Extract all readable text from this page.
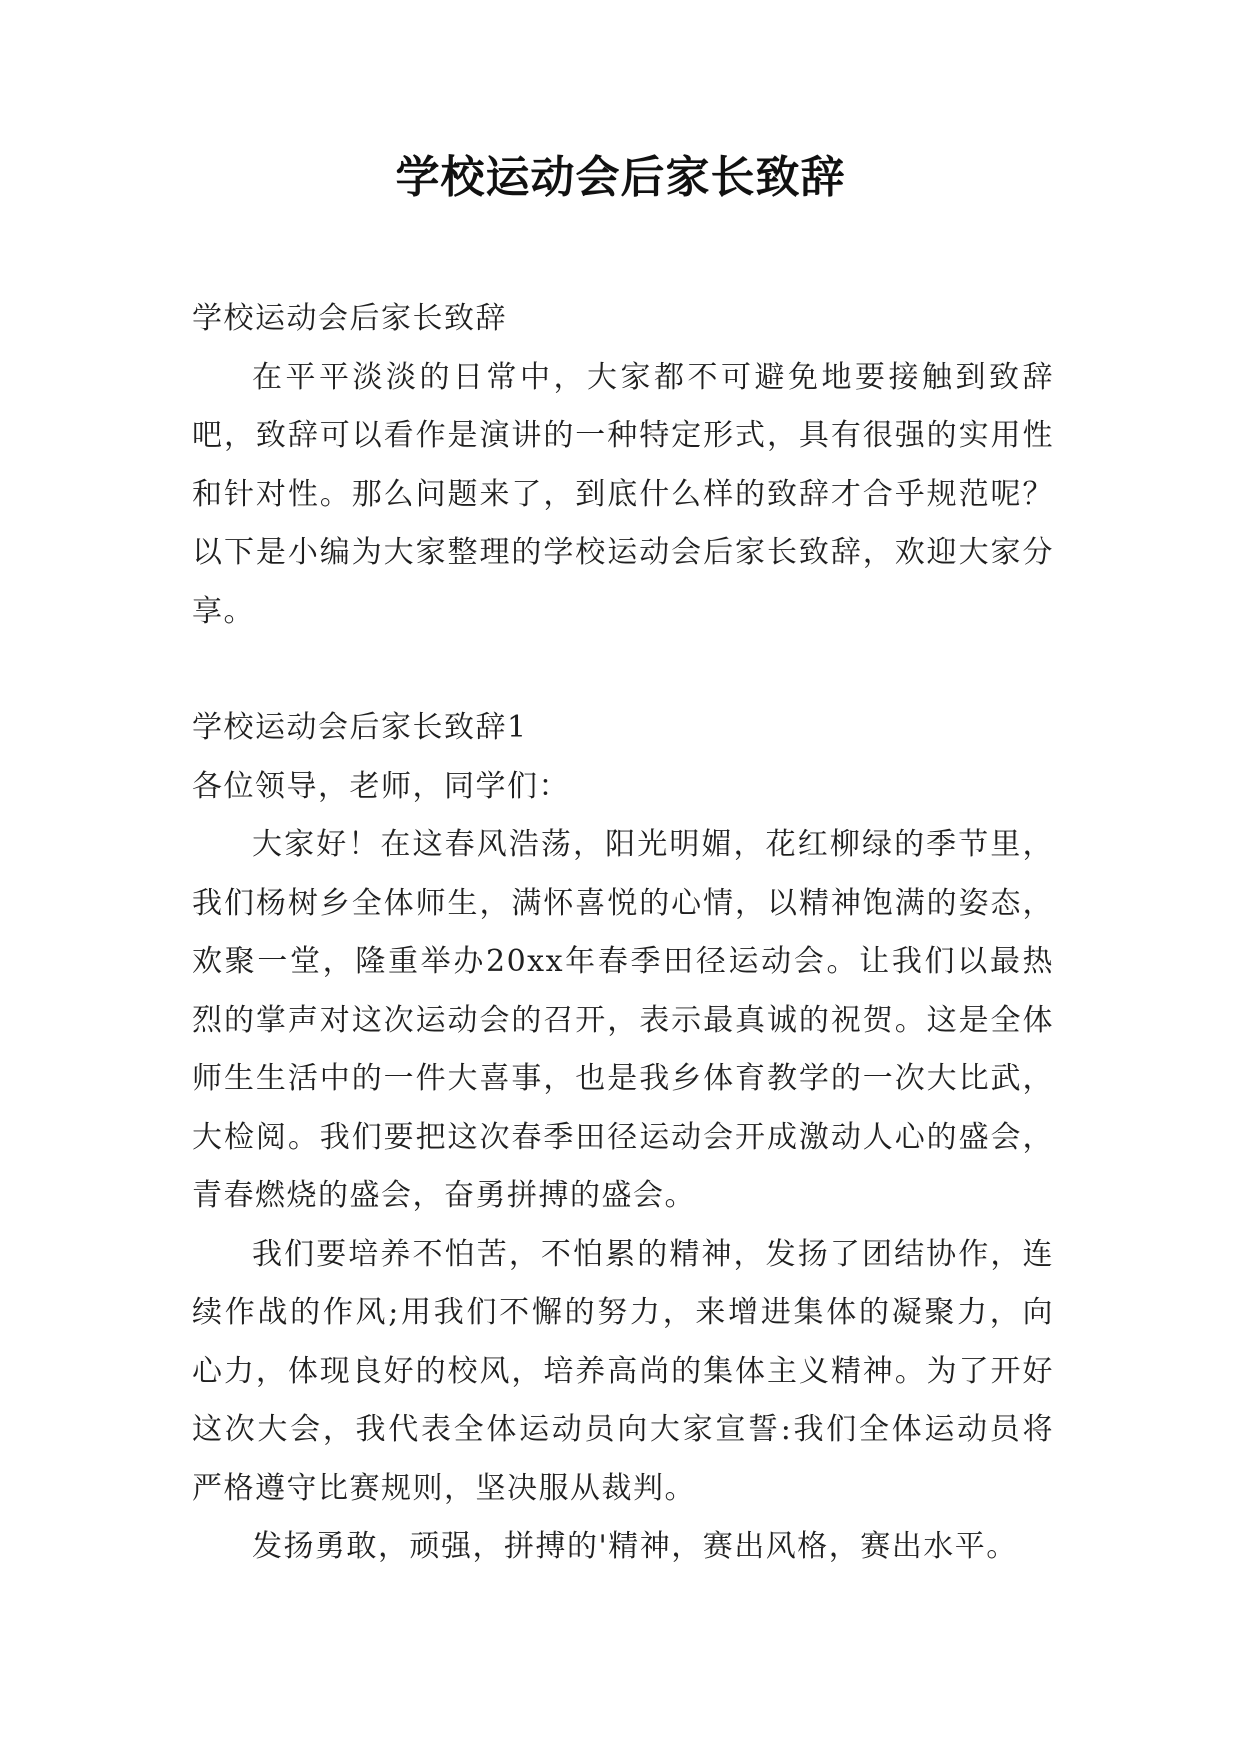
学校运动会后家长致辞

学校运动会后家长致辞

在平平淡淡的日常中，大家都不可避免地要接触到致辞吧，致辞可以看作是演讲的一种特定形式，具有很强的实用性和针对性。那么问题来了，到底什么样的致辞才合乎规范呢？以下是小编为大家整理的学校运动会后家长致辞，欢迎大家分享。

学校运动会后家长致辞1

各位领导，老师，同学们：

大家好！在这春风浩荡，阳光明媚，花红柳绿的季节里，我们杨树乡全体师生，满怀喜悦的心情，以精神饱满的姿态，欢聚一堂，隆重举办20xx年春季田径运动会。让我们以最热烈的掌声对这次运动会的召开，表示最真诚的祝贺。这是全体师生生活中的一件大喜事，也是我乡体育教学的一次大比武，大检阅。我们要把这次春季田径运动会开成激动人心的盛会，青春燃烧的盛会，奋勇拼搏的盛会。

我们要培养不怕苦，不怕累的精神，发扬了团结协作，连续作战的作风;用我们不懈的努力，来增进集体的凝聚力，向心力，体现良好的校风，培养高尚的集体主义精神。为了开好这次大会，我代表全体运动员向大家宣誓:我们全体运动员将严格遵守比赛规则，坚决服从裁判。

发扬勇敢，顽强，拼搏的'精神，赛出风格，赛出水平。
